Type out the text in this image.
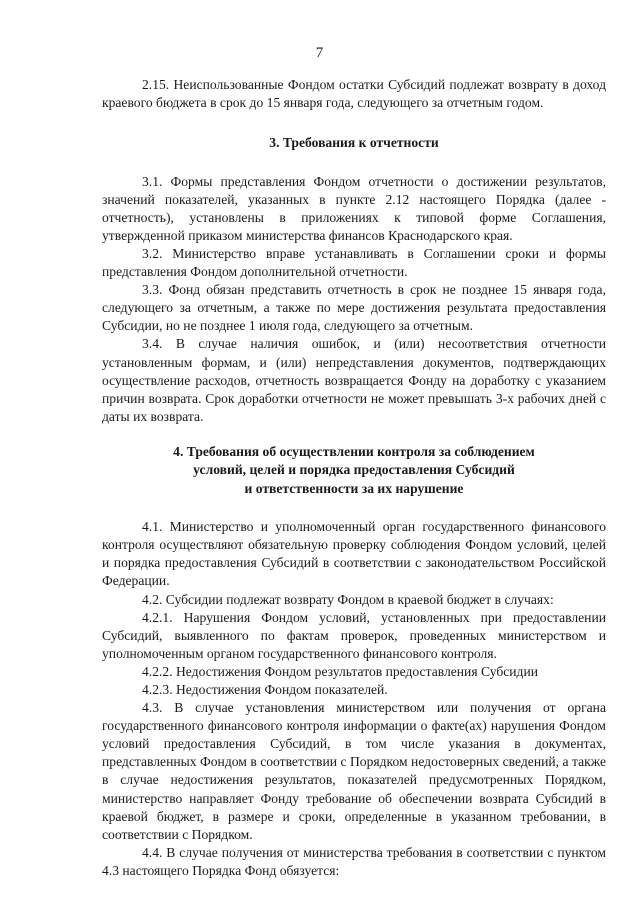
7

2.15. Неиспользованные Фондом остатки Субсидий подлежат возврату в доход краевого бюджета в срок до 15 января года, следующего за отчетным годом.

3. Требования к отчетности

3.1. Формы представления Фондом отчетности о достижении результатов, значений показателей, указанных в пункте 2.12 настоящего Порядка (далее - отчетность), установлены в приложениях к типовой форме Соглашения, утвержденной приказом министерства финансов Краснодарского края.

3.2. Министерство вправе устанавливать в Соглашении сроки и формы представления Фондом дополнительной отчетности.

3.3. Фонд обязан представить отчетность в срок не позднее 15 января года, следующего за отчетным, а также по мере достижения результата предоставления Субсидии, но не позднее 1 июля года, следующего за отчетным.

3.4. В случае наличия ошибок, и (или) несоответствия отчетности установленным формам, и (или) непредставления документов, подтверждающих осуществление расходов, отчетность возвращается Фонду на доработку с указанием причин возврата. Срок доработки отчетности не может превышать 3-х рабочих дней с даты их возврата.

4. Требования об осуществлении контроля за соблюдением
условий, целей и порядка предоставления Субсидий
и ответственности за их нарушение

4.1. Министерство и уполномоченный орган государственного финансового контроля осуществляют обязательную проверку соблюдения Фондом условий, целей и порядка предоставления Субсидий в соответствии с законодательством Российской Федерации.

4.2. Субсидии подлежат возврату Фондом в краевой бюджет в случаях:

4.2.1. Нарушения Фондом условий, установленных при предоставлении Субсидий, выявленного по фактам проверок, проведенных министерством и уполномоченным органом государственного финансового контроля.

4.2.2. Недостижения Фондом результатов предоставления Субсидии

4.2.3. Недостижения Фондом показателей.

4.3. В случае установления министерством или получения от органа государственного финансового контроля информации о факте(ах) нарушения Фондом условий предоставления Субсидий, в том числе указания в документах, представленных Фондом в соответствии с Порядком недостоверных сведений, а также в случае недостижения результатов, показателей предусмотренных Порядком, министерство направляет Фонду требование об обеспечении возврата Субсидий в краевой бюджет, в размере и сроки, определенные в указанном требовании, в соответствии с Порядком.

4.4. В случае получения от министерства требования в соответствии с пунктом 4.3 настоящего Порядка Фонд обязуется:
